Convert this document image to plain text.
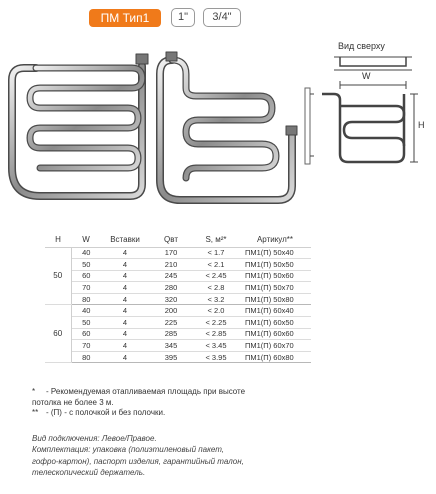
ПМ Тип1	1"	3/4"
Вид сверху
W
H
H	W	Вставки	Qвт	S, м²*	Артикул**
50	40	4	170	< 1.7	ПМ1(П) 50x40
	50	4	210	< 2.1	ПМ1(П) 50x50
	60	4	245	< 2.45	ПМ1(П) 50x60
	70	4	280	< 2.8	ПМ1(П) 50x70
	80	4	320	< 3.2	ПМ1(П) 50x80
60	40	4	200	< 2.0	ПМ1(П) 60x40
	50	4	225	< 2.25	ПМ1(П) 60x50
	60	4	285	< 2.85	ПМ1(П) 60x60
	70	4	345	< 3.45	ПМ1(П) 60x70
	80	4	395	< 3.95	ПМ1(П) 60x80
*	- Рекомендуемая отапливаемая площадь при высоте
потолка не более 3 м.
** - (П) - с полочкой и без полочки.
Вид подключения: Левое/Правое.
Комплектация: упаковка (полиэтиленовый пакет,
гофро-картон), паспорт изделия, гарантийный талон,
телескопический держатель.
